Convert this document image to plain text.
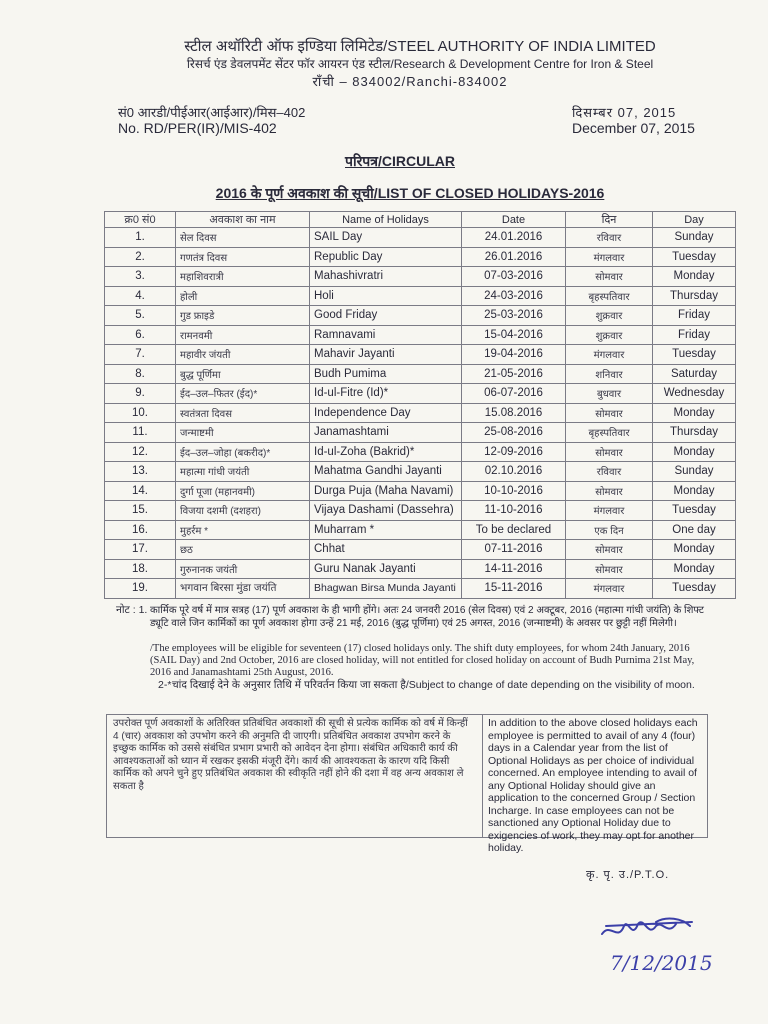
स्टील अथॉरिटी ऑफ इण्डिया लिमिटेड/STEEL AUTHORITY OF INDIA LIMITED
रिसर्च एंड डेवलपमेंट सेंटर फॉर आयरन एंड स्टील/Research & Development Centre for Iron & Steel
राँची – 834002/Ranchi-834002
सं0 आरडी/पीईआर(आईआर)/मिस–402
No. RD/PER(IR)/MIS-402
दिसम्बर 07, 2015
December 07, 2015
परिपत्र/CIRCULAR
2016 के पूर्ण अवकाश की सूची/LIST OF CLOSED HOLIDAYS-2016
क्र0 सं0	अवकाश का नाम	Name of Holidays	Date	दिन	Day
1.	सेल दिवस	SAIL Day	24.01.2016	रविवार	Sunday
2.	गणतंत्र दिवस	Republic Day	26.01.2016	मंगलवार	Tuesday
3.	महाशिवरात्री	Mahashivratri	07-03-2016	सोमवार	Monday
4.	होली	Holi	24-03-2016	बृहस्पतिवार	Thursday
5.	गुड फ्राइडे	Good Friday	25-03-2016	शुक्रवार	Friday
6.	रामनवमी	Ramnavami	15-04-2016	शुक्रवार	Friday
7.	महावीर जंयती	Mahavir Jayanti	19-04-2016	मंगलवार	Tuesday
8.	बुद्ध पूर्णिमा	Budh Pumima	21-05-2016	शनिवार	Saturday
9.	ईद–उल–फितर (ईद)*	Id-ul-Fitre (Id)*	06-07-2016	बुधवार	Wednesday
10.	स्वतंत्रता दिवस	Independence Day	15.08.2016	सोमवार	Monday
11.	जन्माष्टमी	Janamashtami	25-08-2016	बृहस्पतिवार	Thursday
12.	ईद–उल–जोहा (बकरीद)*	Id-ul-Zoha (Bakrid)*	12-09-2016	सोमवार	Monday
13.	महात्मा गांधी जयंती	Mahatma Gandhi Jayanti	02.10.2016	रविवार	Sunday
14.	दुर्गा पूजा (महानवमी)	Durga Puja (Maha Navami)	10-10-2016	सोमवार	Monday
15.	विजया दशमी (दशहरा)	Vijaya Dashami (Dassehra)	11-10-2016	मंगलवार	Tuesday
16.	मुहर्रम *	Muharram *	To be declared	एक दिन	One day
17.	छठ	Chhat	07-11-2016	सोमवार	Monday
18.	गुरुनानक जयंती	Guru Nanak Jayanti	14-11-2016	सोमवार	Monday
19.	भगवान बिरसा मुंडा जयंति	Bhagwan Birsa Munda Jayanti	15-11-2016	मंगलवार	Tuesday
नोट : 1. कार्मिक पूरे वर्ष में मात्र सत्रह (17) पूर्ण अवकाश के ही भागी होंगे। अतः 24 जनवरी 2016 (सेल दिवस) एवं 2 अक्टूबर, 2016 (महात्मा गांधी जयंति) के शिफ्ट ड्यूटि वाले जिन कार्मिकों का पूर्ण अवकाश होगा उन्हें 21 मई, 2016 (बुद्ध पूर्णिमा) एवं 25 अगस्त, 2016 (जन्माष्टमी) के अवसर पर छुट्टी नहीं मिलेगी।
/The employees will be eligible for seventeen (17) closed holidays only. The shift duty employees, for whom 24th January, 2016 (SAIL Day) and 2nd October, 2016 are closed holiday, will not entitled for closed holiday on account of Budh Purnima 21st May, 2016 and Janamashtami 25th August, 2016.
2-* चांद दिखाई देने के अनुसार तिथि में परिवर्तन किया जा सकता है/Subject to change of date depending on the visibility of moon.
उपरोक्त पूर्ण अवकाशों के अतिरिक्त प्रतिबंधित अवकाशों की सूची से प्रत्येक कार्मिक को वर्ष में किन्हीं 4 (चार) अवकाश को उपभोग करने की अनुमति दी जाएगी। प्रतिबंधित अवकाश उपभोग करने के इच्छुक कार्मिक को उससे संबंधित प्रभाग प्रभारी को आवेदन देना होगा। संबंधित अधिकारी कार्य की आवश्यकताओं को ध्यान में रखकर इसकी मंजूरी देंगे। कार्य की आवश्यकता के कारण यदि किसी कार्मिक को अपने चुने हुए प्रतिबंधित अवकाश की स्वीकृति नहीं होने की दशा में वह अन्य अवकाश ले सकता है
In addition to the above closed holidays each employee is permitted to avail of any 4 (four) days in a Calendar year from the list of Optional Holidays as per choice of individual concerned. An employee intending to avail of any Optional Holiday should give an application to the concerned Group / Section Incharge. In case employees can not be sanctioned any Optional Holiday due to exigencies of work, they may opt for another holiday.
कृ. पृ. उ./P.T.O.
7/12/2015
